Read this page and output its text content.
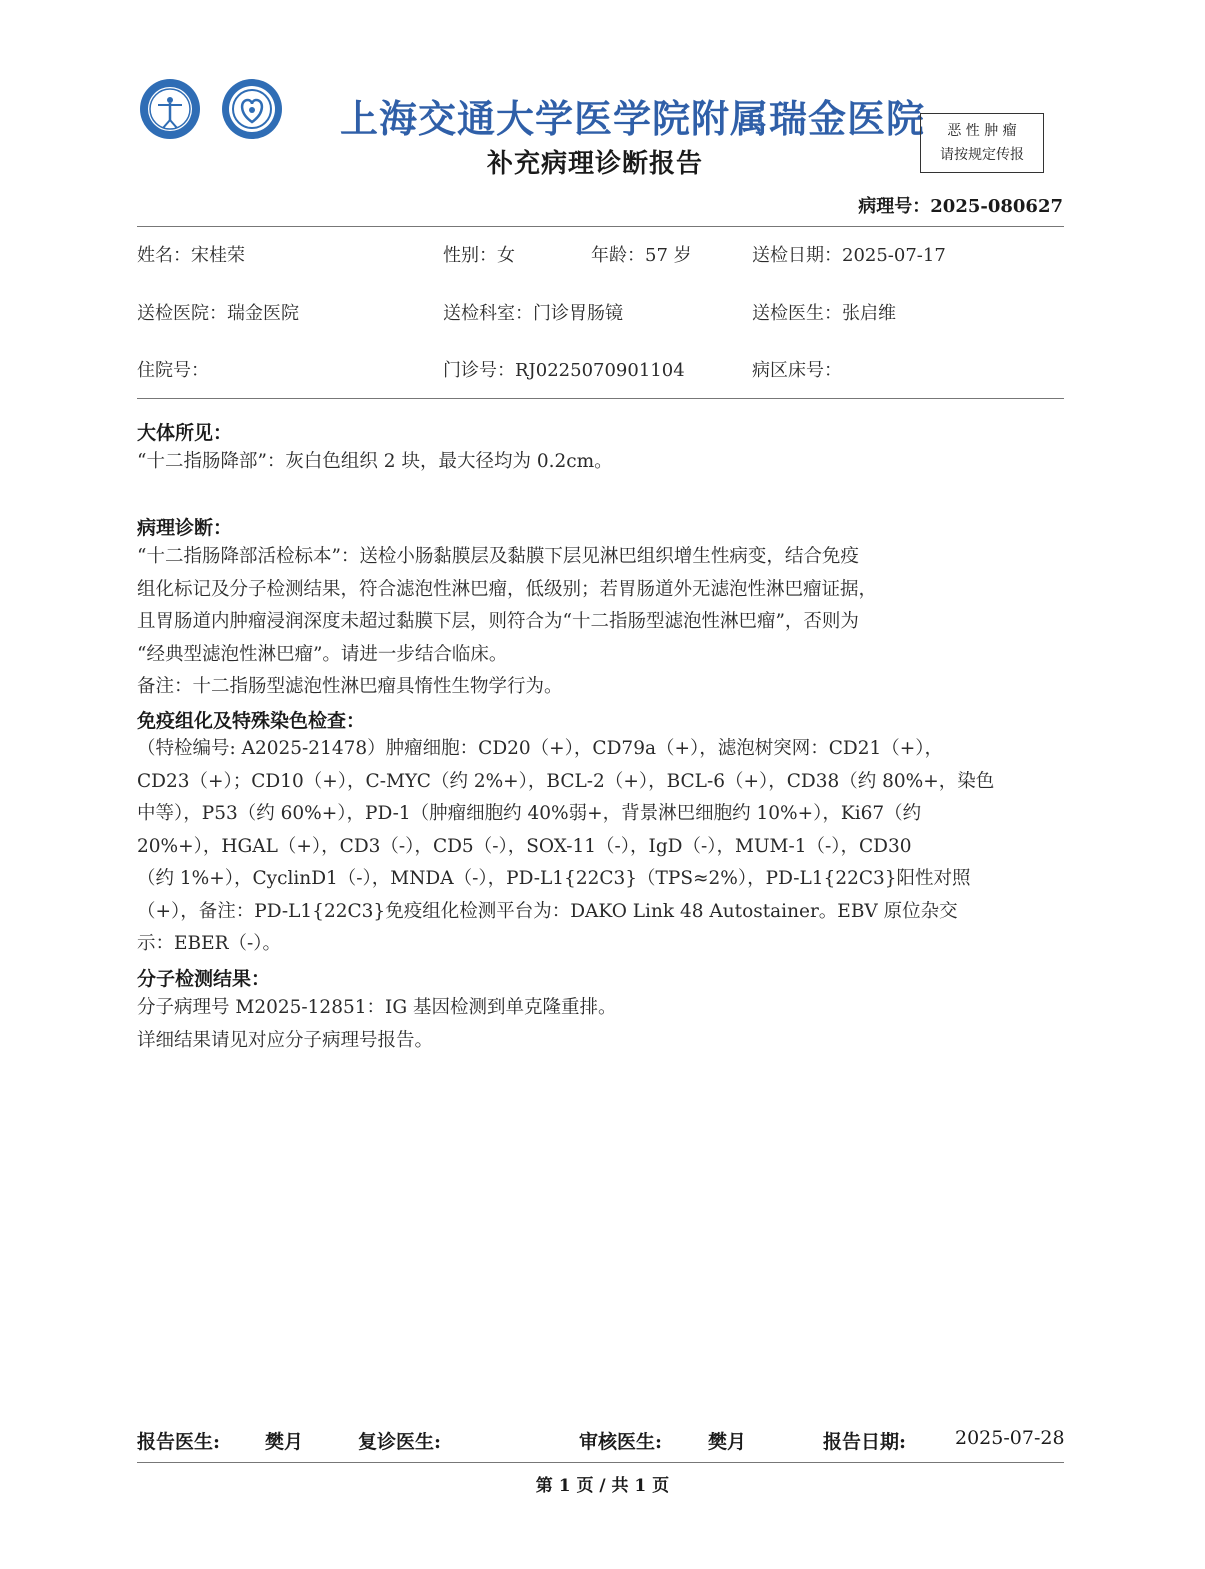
上海交通大学医学院附属瑞金医院
补充病理诊断报告
恶 性 肿 瘤
请按规定传报
病理号：2025-080627
姓名：宋桂荣	性别：女	年龄：57 岁	送检日期：2025-07-17
送检医院：瑞金医院	送检科室：门诊胃肠镜	送检医生：张启维
住院号：	门诊号：RJ0225070901104	病区床号：
大体所见：
“十二指肠降部”：灰白色组织 2 块，最大径均为 0.2cm。
病理诊断：
“十二指肠降部活检标本”：送检小肠黏膜层及黏膜下层见淋巴组织增生性病变，结合免疫
组化标记及分子检测结果，符合滤泡性淋巴瘤，低级别；若胃肠道外无滤泡性淋巴瘤证据，
且胃肠道内肿瘤浸润深度未超过黏膜下层，则符合为“十二指肠型滤泡性淋巴瘤”，否则为
“经典型滤泡性淋巴瘤”。请进一步结合临床。
备注：十二指肠型滤泡性淋巴瘤具惰性生物学行为。
免疫组化及特殊染色检查：
（特检编号: A2025-21478）肿瘤细胞：CD20（+），CD79a（+），滤泡树突网：CD21（+），
CD23（+）；CD10（+），C-MYC（约 2%+），BCL-2（+），BCL-6（+），CD38（约 80%+，染色
中等），P53（约 60%+），PD-1（肿瘤细胞约 40%弱+，背景淋巴细胞约 10%+），Ki67（约
20%+），HGAL（+），CD3（-），CD5（-），SOX-11（-），IgD（-），MUM-1（-），CD30
（约 1%+），CyclinD1（-），MNDA（-），PD-L1{22C3}（TPS≈2%），PD-L1{22C3}阳性对照
（+），备注：PD-L1{22C3}免疫组化检测平台为：DAKO Link 48 Autostainer。EBV 原位杂交
示：EBER（-）。
分子检测结果：
分子病理号 M2025-12851：IG 基因检测到单克隆重排。
详细结果请见对应分子病理号报告。
报告医生: 樊月	复诊医生:	审核医生: 樊月	报告日期:	2025-07-28
第 1 页 / 共 1 页
